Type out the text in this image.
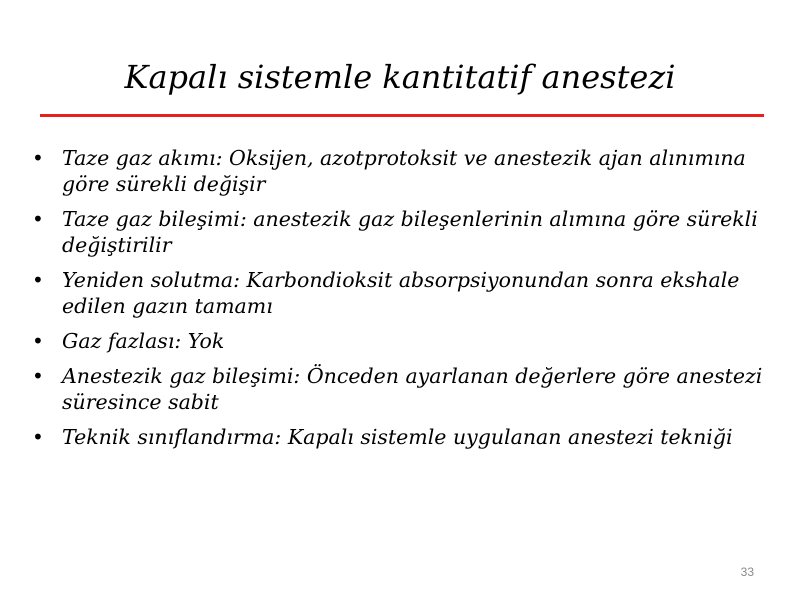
Kapalı sistemle kantitatif anestezi
• Taze gaz akımı: Oksijen, azotprotoksit ve anestezik ajan alınımına göre sürekli değişir
• Taze gaz bileşimi: anestezik gaz bileşenlerinin alımına göre sürekli değiştirilir
• Yeniden solutma: Karbondioksit absorpsiyonundan sonra ekshale edilen gazın tamamı
• Gaz fazlası: Yok
• Anestezik gaz bileşimi: Önceden ayarlanan değerlere göre anestezi süresince sabit
• Teknik sınıflandırma: Kapalı sistemle uygulanan anestezi tekniği
33
